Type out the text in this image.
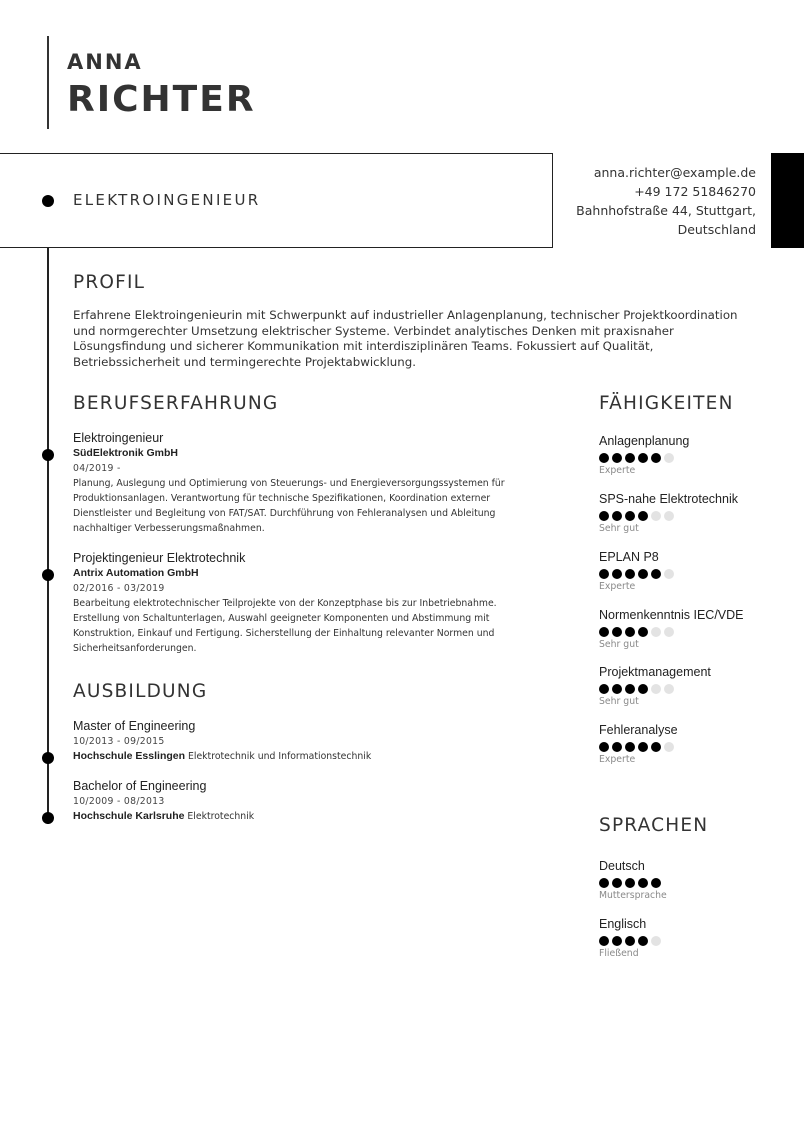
ANNA
RICHTER
ELEKTROINGENIEUR
anna.richter@example.de
+49 172 51846270
Bahnhofstraße 44, Stuttgart,
Deutschland
PROFIL
Erfahrene Elektroingenieurin mit Schwerpunkt auf industrieller Anlagenplanung, technischer Projektkoordination und normgerechter Umsetzung elektrischer Systeme. Verbindet analytisches Denken mit praxisnaher Lösungsfindung und sicherer Kommunikation mit interdisziplinären Teams. Fokussiert auf Qualität, Betriebssicherheit und termingerechte Projektabwicklung.
BERUFSERFAHRUNG
Elektroingenieur
SüdElektronik GmbH
04/2019 -
Planung, Auslegung und Optimierung von Steuerungs- und Energieversorgungssystemen für Produktionsanlagen. Verantwortung für technische Spezifikationen, Koordination externer Dienstleister und Begleitung von FAT/SAT. Durchführung von Fehleranalysen und Ableitung nachhaltiger Verbesserungsmaßnahmen.
Projektingenieur Elektrotechnik
Antrix Automation GmbH
02/2016 - 03/2019
Bearbeitung elektrotechnischer Teilprojekte von der Konzeptphase bis zur Inbetriebnahme. Erstellung von Schaltunterlagen, Auswahl geeigneter Komponenten und Abstimmung mit Konstruktion, Einkauf und Fertigung. Sicherstellung der Einhaltung relevanter Normen und Sicherheitsanforderungen.
AUSBILDUNG
Master of Engineering
10/2013 - 09/2015
Hochschule Esslingen Elektrotechnik und Informationstechnik
Bachelor of Engineering
10/2009 - 08/2013
Hochschule Karlsruhe Elektrotechnik
FÄHIGKEITEN
Anlagenplanung
Experte
SPS-nahe Elektrotechnik
Sehr gut
EPLAN P8
Experte
Normenkenntnis IEC/VDE
Sehr gut
Projektmanagement
Sehr gut
Fehleranalyse
Experte
SPRACHEN
Deutsch
Muttersprache
Englisch
Fließend
